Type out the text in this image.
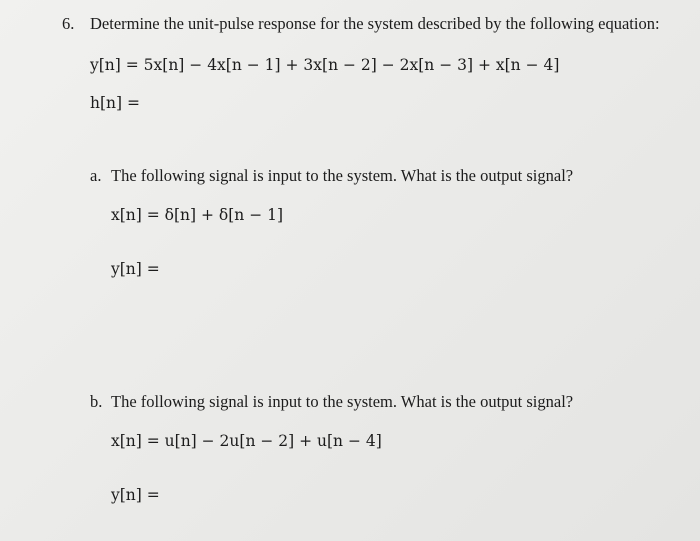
6. Determine the unit-pulse response for the system described by the following equation:
y[n] = 5x[n] − 4x[n − 1] + 3x[n − 2] − 2x[n − 3] + x[n − 4]
h[n] =
a. The following signal is input to the system. What is the output signal?
x[n] = δ[n] + δ[n − 1]
y[n] =
b. The following signal is input to the system. What is the output signal?
x[n] = u[n] − 2u[n − 2] + u[n − 4]
y[n] =
